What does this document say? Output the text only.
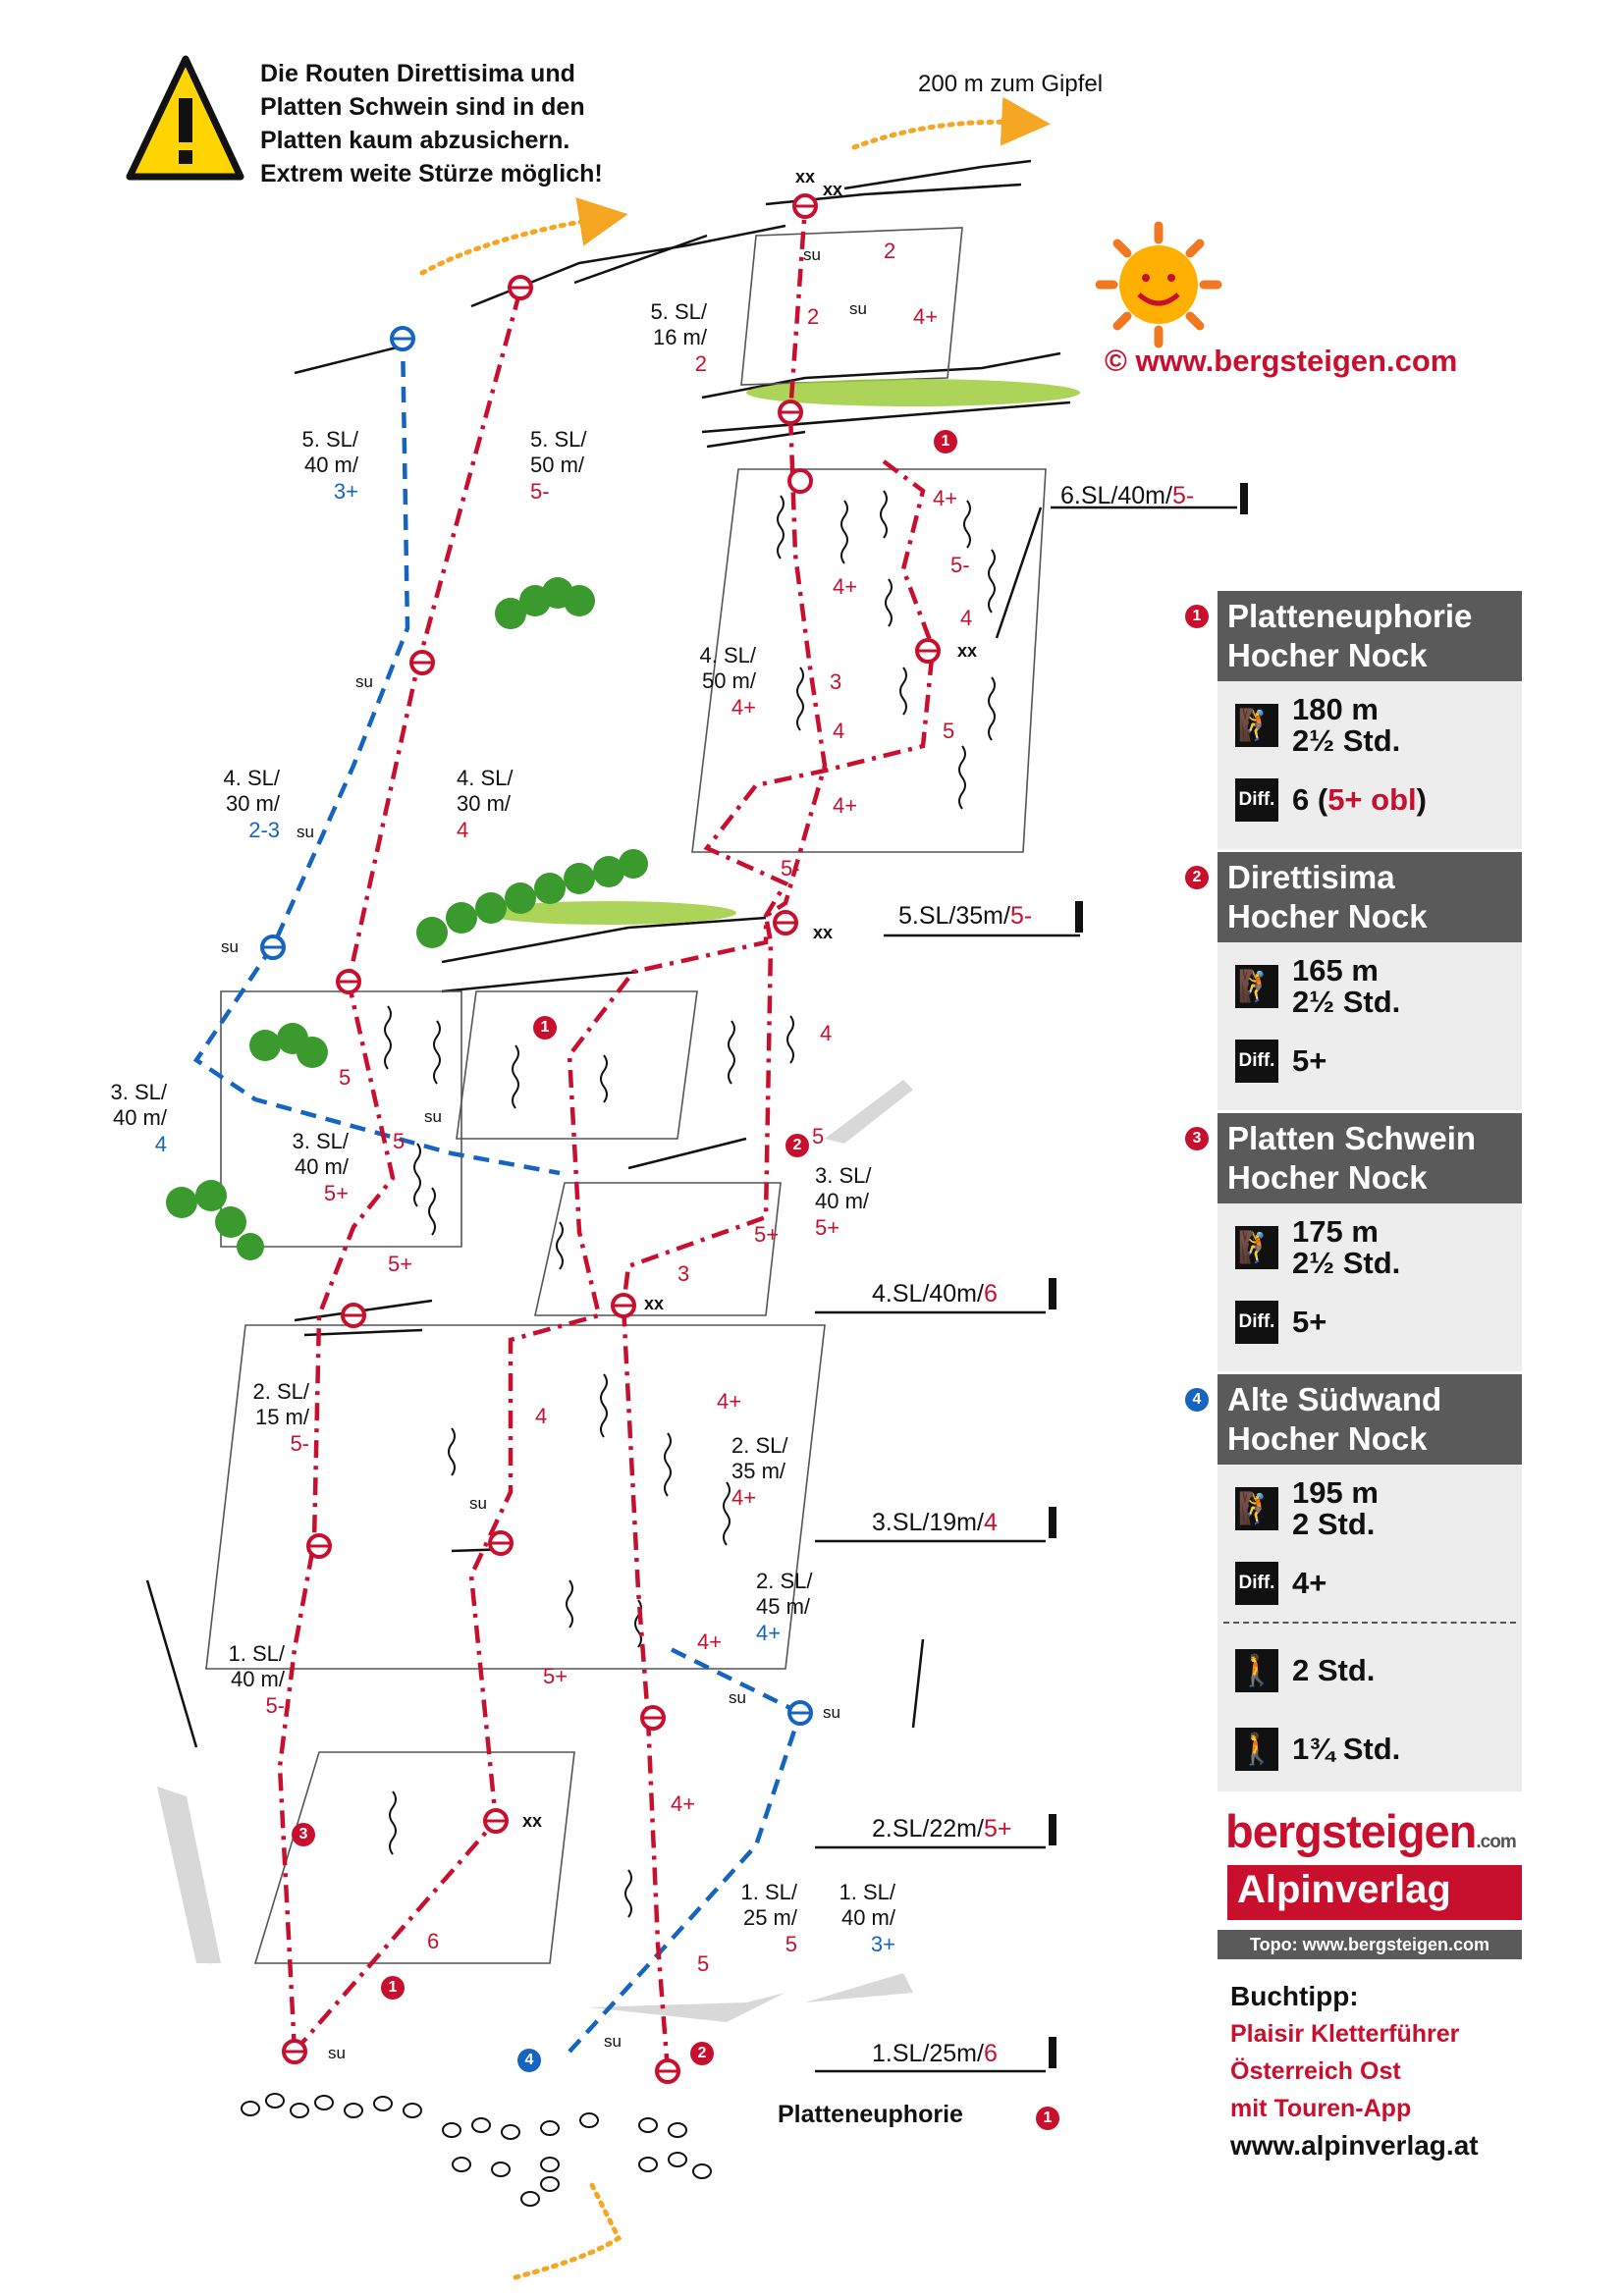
Die Routen Direttisima und
Platten Schwein sind in den
Platten kaum abzusichern.
Extrem weite Stürze möglich!
200 m zum Gipfel
© www.bergsteigen.com
5. SL/
40 m/
3+
5. SL/
50 m/
5-
5. SL/
16 m/
2
4. SL/
50 m/
4+
4. SL/
30 m/
2-3
4. SL/
30 m/
4
3. SL/
40 m/
4	3. SL/
40 m/
5+
3. SL/
40 m/
5+
2. SL/
15 m/
5-	2. SL/
35 m/
4+
2. SL/
45 m/
4+
1. SL/
40 m/
5-
1. SL/
25 m/
5
1. SL/
40 m/
3+
6.SL/40m/5-
5.SL/35m/5-
4.SL/40m/6
3.SL/19m/4
2.SL/22m/5+
1.SL/25m/6
2
2	4+
4+
5-
4
4+
3
4
4+
5
5-
4
5
5
5+
5
3
5+
4
4+
5+
4+
4+
6
5
su
su
su
su
su
su
su
su
su
su
su
xx
xx
xx
xx
xx
xx
1
1
1
2
2
3
4
Platteneuphorie	1
Platteneuphorie
Hocher Nock
🧗 180 m
2½ Std.
Diff. 6 (5+ obl)
1
Direttisima
Hocher Nock
🧗 165 m
2½ Std.
Diff. 5+
2
Platten Schwein
Hocher Nock
🧗 175 m
2½ Std.
Diff. 5+
3
Alte Südwand
Hocher Nock
🧗 195 m
2 Std.
Diff. 4+
🚶 2 Std.
🚶 1¾ Std.
4
bergsteigen.com
Alpinverlag
Topo: www.bergsteigen.com
Buchtipp:
Plaisir Kletterführer
Österreich Ost
mit Touren-App
www.alpinverlag.at
